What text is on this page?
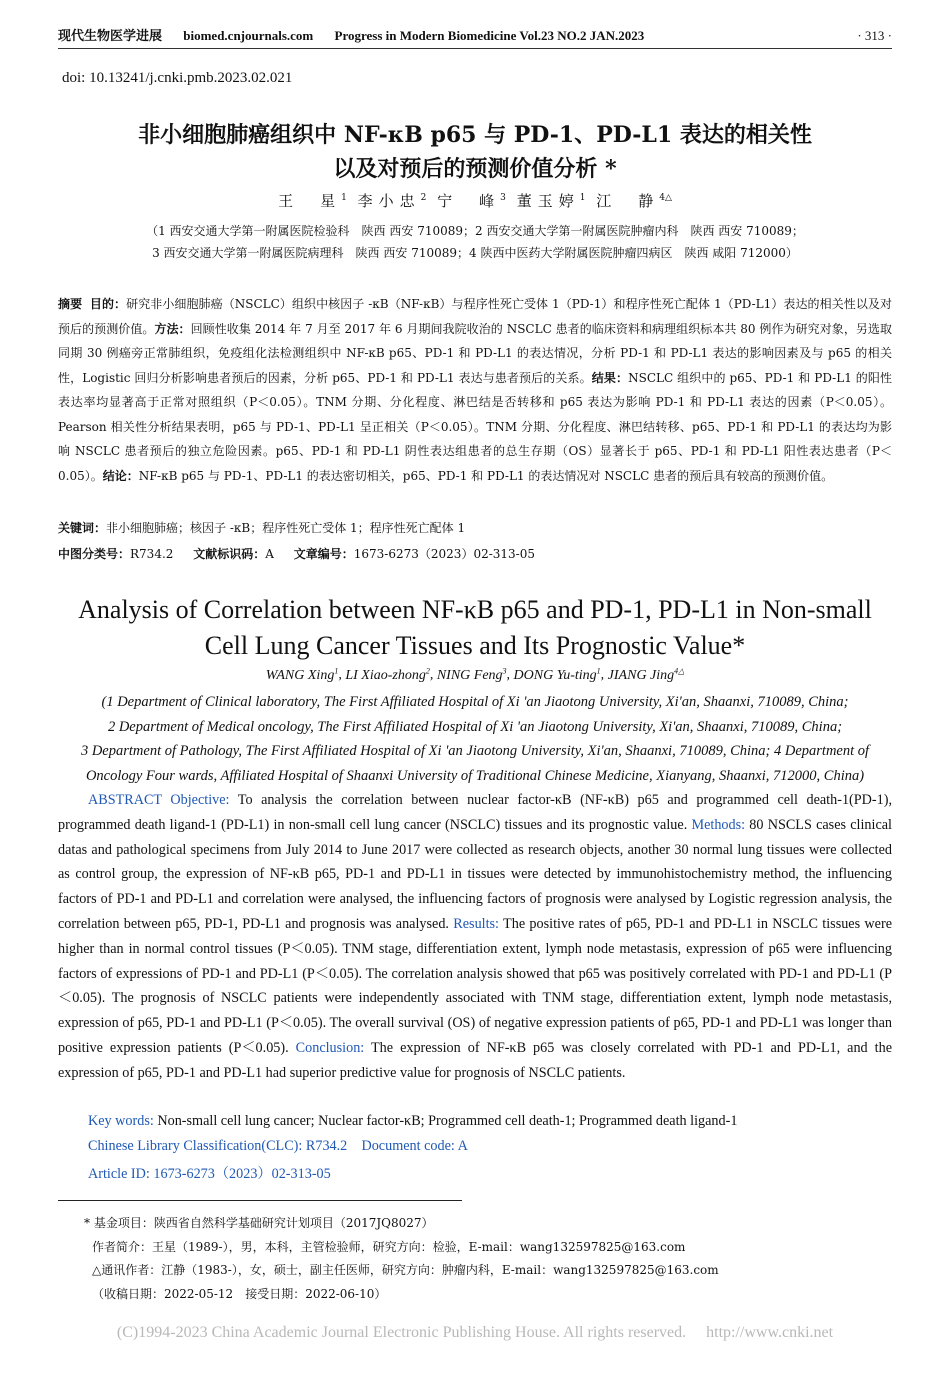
现代生物医学进展 biomed.cnjournals.com Progress in Modern Biomedicine Vol.23 NO.2 JAN.2023	· 313 ·
doi: 10.13241/j.cnki.pmb.2023.02.021
非小细胞肺癌组织中 NF-κB p65 与 PD-1、PD-L1 表达的相关性
以及对预后的预测价值分析 *
王　星$^1$ 李小忠$^2$ 宁　峰$^3$ 董玉婷$^1$ 江　静$^{4\triangle}$
（1 西安交通大学第一附属医院检验科　陕西 西安 710089；2 西安交通大学第一附属医院肿瘤内科　陕西 西安 710089；
3 西安交通大学第一附属医院病理科　陕西 西安 710089；4 陕西中医药大学附属医院肿瘤四病区　陕西 咸阳 712000）
摘要 目的：研究非小细胞肺癌（NSCLC）组织中核因子 -κB（NF-κB）与程序性死亡受体 1（PD-1）和程序性死亡配体 1（PD-L1）表达的相关性以及对预后的预测价值。方法：回顾性收集 2014 年 7 月至 2017 年 6 月期间我院收治的 NSCLC 患者的临床资料和病理组织标本共 80 例作为研究对象，另选取同期 30 例癌旁正常肺组织，免疫组化法检测组织中 NF-κB p65、PD-1 和 PD-L1 的表达情况，分析 PD-1 和 PD-L1 表达的影响因素及与 p65 的相关性，Logistic 回归分析影响患者预后的因素，分析 p65、PD-1 和 PD-L1 表达与患者预后的关系。结果：NSCLC 组织中的 p65、PD-1 和 PD-L1 的阳性表达率均显著高于正常对照组织（P＜0.05）。TNM 分期、分化程度、淋巴结是否转移和 p65 表达为影响 PD-1 和 PD-L1 表达的因素（P＜0.05）。Pearson 相关性分析结果表明，p65 与 PD-1、PD-L1 呈正相关（P＜0.05）。TNM 分期、分化程度、淋巴结转移、p65、PD-1 和 PD-L1 的表达均为影响 NSCLC 患者预后的独立危险因素。p65、PD-1 和 PD-L1 阴性表达组患者的总生存期（OS）显著长于 p65、PD-1 和 PD-L1 阳性表达患者（P＜0.05）。结论：NF-κB p65 与 PD-1、PD-L1 的表达密切相关，p65、PD-1 和 PD-L1 的表达情况对 NSCLC 患者的预后具有较高的预测价值。
关键词：非小细胞肺癌；核因子 -κB；程序性死亡受体 1；程序性死亡配体 1
中图分类号：R734.2 文献标识码：A 文章编号：1673-6273（2023）02-313-05
Analysis of Correlation between NF-κB p65 and PD-1, PD-L1 in Non-small
Cell Lung Cancer Tissues and Its Prognostic Value*
WANG Xing$^1$, LI Xiao-zhong$^2$, NING Feng$^3$, DONG Yu-ting$^1$, JIANG Jing$^{4\triangle}$
(1 Department of Clinical laboratory, The First Affiliated Hospital of Xi 'an Jiaotong University, Xi'an, Shaanxi, 710089, China;
2 Department of Medical oncology, The First Affiliated Hospital of Xi 'an Jiaotong University, Xi'an, Shaanxi, 710089, China;
3 Department of Pathology, The First Affiliated Hospital of Xi 'an Jiaotong University, Xi'an, Shaanxi, 710089, China; 4 Department of
Oncology Four wards, Affiliated Hospital of Shaanxi University of Traditional Chinese Medicine, Xianyang, Shaanxi, 712000, China)
ABSTRACT Objective: To analysis the correlation between nuclear factor-κB (NF-κB) p65 and programmed cell death-1(PD-1), programmed death ligand-1 (PD-L1) in non-small cell lung cancer (NSCLC) tissues and its prognostic value. Methods: 80 NSCLS cases clinical datas and pathological specimens from July 2014 to June 2017 were collected as research objects, another 30 normal lung tissues were collected as control group, the expression of NF-κB p65, PD-1 and PD-L1 in tissues were detected by immunohistochemistry method, the influencing factors of PD-1 and PD-L1 and correlation were analysed, the influencing factors of prognosis were analysed by Logistic regression analysis, the correlation between p65, PD-1, PD-L1 and prognosis was analysed. Results: The positive rates of p65, PD-1 and PD-L1 in NSCLC tissues were higher than in normal control tissues (P＜0.05). TNM stage, differentiation extent, lymph node metastasis, expression of p65 were influencing factors of expressions of PD-1 and PD-L1 (P＜0.05). The correlation analysis showed that p65 was positively correlated with PD-1 and PD-L1 (P＜0.05). The prognosis of NSCLC patients were independently associated with TNM stage, differentiation extent, lymph node metastasis, expression of p65, PD-1 and PD-L1 (P＜0.05). The overall survival (OS) of negative expression patients of p65, PD-1 and PD-L1 was longer than positive expression patients (P＜0.05). Conclusion: The expression of NF-κB p65 was closely correlated with PD-1 and PD-L1, and the expression of p65, PD-1 and PD-L1 had superior predictive value for prognosis of NSCLC patients.
Key words: Non-small cell lung cancer; Nuclear factor-κB; Programmed cell death-1; Programmed death ligand-1
Chinese Library Classification(CLC): R734.2 Document code: A
Article ID: 1673-6273（2023）02-313-05
* 基金项目：陕西省自然科学基础研究计划项目（2017JQ8027）
作者简介：王星（1989-），男，本科，主管检验师，研究方向：检验，E-mail：wang132597825@163.com
△通讯作者：江静（1983-），女，硕士，副主任医师，研究方向：肿瘤内科，E-mail：wang132597825@163.com
（收稿日期：2022-05-12　接受日期：2022-06-10）
(C)1994-2023 China Academic Journal Electronic Publishing House. All rights reserved. http://www.cnki.net
